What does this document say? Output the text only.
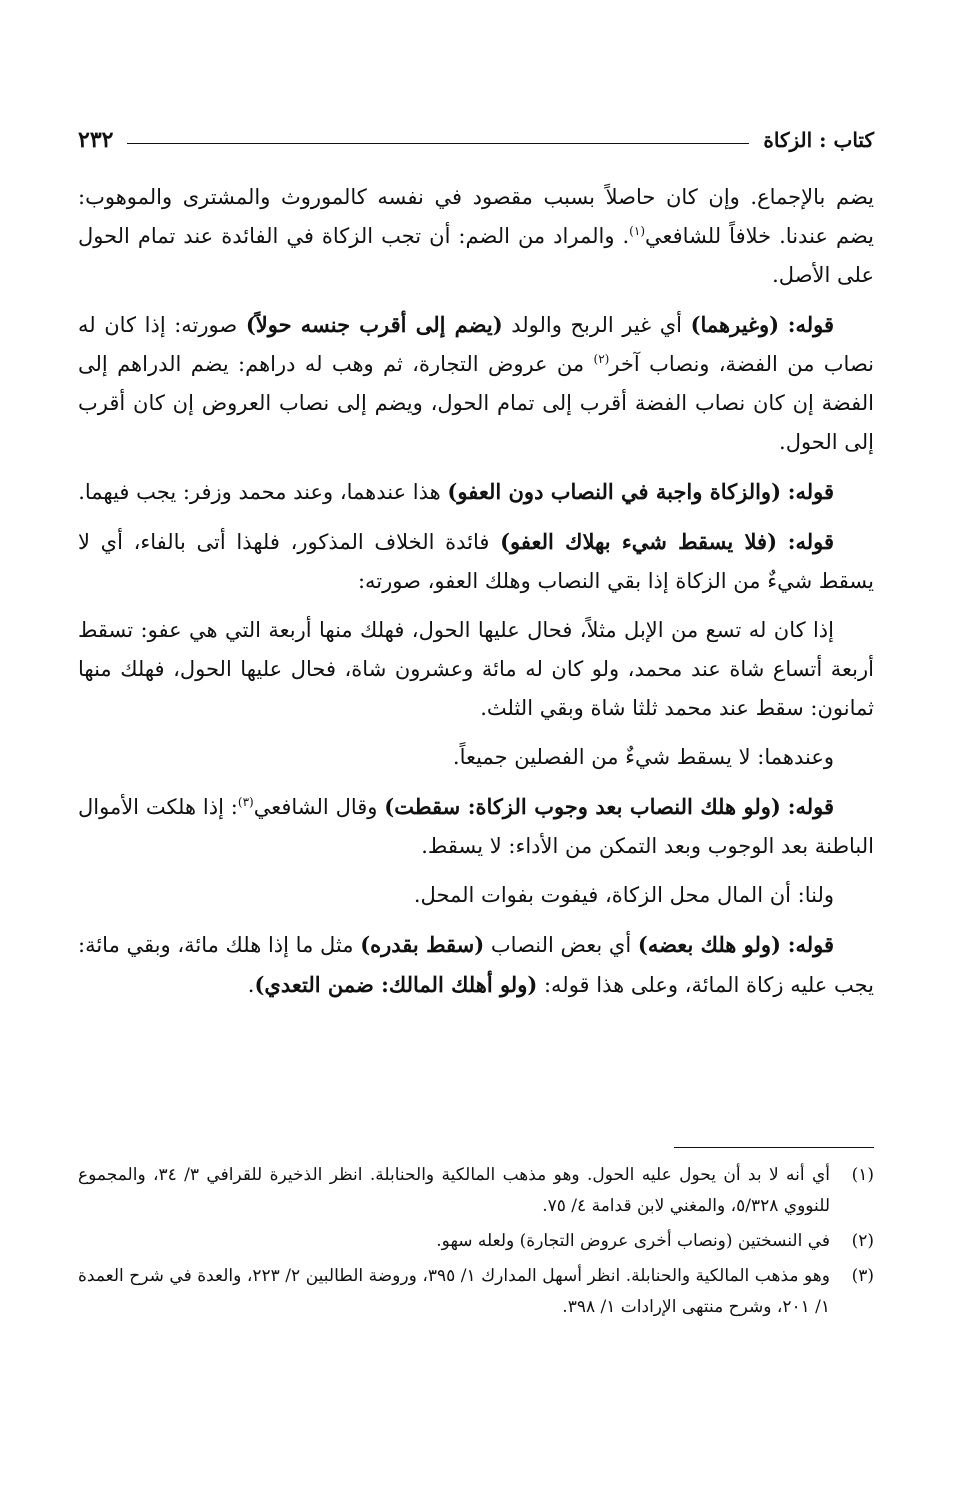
٢٣٢	كتاب : الزكاة

يضم بالإجماع. وإن كان حاصلاً بسبب مقصود في نفسه كالموروث والمشترى والموهوب: يضم عندنا. خلافاً للشافعي$^{(١)}$. والمراد من الضم: أن تجب الزكاة في الفائدة عند تمام الحول على الأصل.

قوله: (وغيرهما) أي غير الربح والولد (يضم إلى أقرب جنسه حولاً) صورته: إذا كان له نصاب من الفضة، ونصاب آخر$^{(٢)}$ من عروض التجارة، ثم وهب له دراهم: يضم الدراهم إلى الفضة إن كان نصاب الفضة أقرب إلى تمام الحول، ويضم إلى نصاب العروض إن كان أقرب إلى الحول.

قوله: (والزكاة واجبة في النصاب دون العفو) هذا عندهما، وعند محمد وزفر: يجب فيهما.

قوله: (فلا يسقط شيء بهلاك العفو) فائدة الخلاف المذكور، فلهذا أتى بالفاء، أي لا يسقط شيءٌ من الزكاة إذا بقي النصاب وهلك العفو، صورته:

إذا كان له تسع من الإبل مثلاً، فحال عليها الحول، فهلك منها أربعة التي هي عفو: تسقط أربعة أتساع شاة عند محمد، ولو كان له مائة وعشرون شاة، فحال عليها الحول، فهلك منها ثمانون: سقط عند محمد ثلثا شاة وبقي الثلث.

وعندهما: لا يسقط شيءٌ من الفصلين جميعاً.

قوله: (ولو هلك النصاب بعد وجوب الزكاة: سقطت) وقال الشافعي$^{(٣)}$: إذا هلكت الأموال الباطنة بعد الوجوب وبعد التمكن من الأداء: لا يسقط.

ولنا: أن المال محل الزكاة، فيفوت بفوات المحل.

قوله: (ولو هلك بعضه) أي بعض النصاب (سقط بقدره) مثل ما إذا هلك مائة، وبقي مائة: يجب عليه زكاة المائة، وعلى هذا قوله: (ولو أهلك المالك: ضمن التعدي).

(١)
أي أنه لا بد أن يحول عليه الحول. وهو مذهب المالكية والحنابلة. انظر الذخيرة للقرافي ٣/ ٣٤، والمجموع للنووي ٥/٣٢٨، والمغني لابن قدامة ٤/ ٧٥.
(٢)
في النسختين (ونصاب أخرى عروض التجارة) ولعله سهو.
(٣)
وهو مذهب المالكية والحنابلة. انظر أسهل المدارك ١/ ٣٩٥، وروضة الطالبين ٢/ ٢٢٣، والعدة في شرح العمدة ١/ ٢٠١، وشرح منتهى الإرادات ١/ ٣٩٨.
